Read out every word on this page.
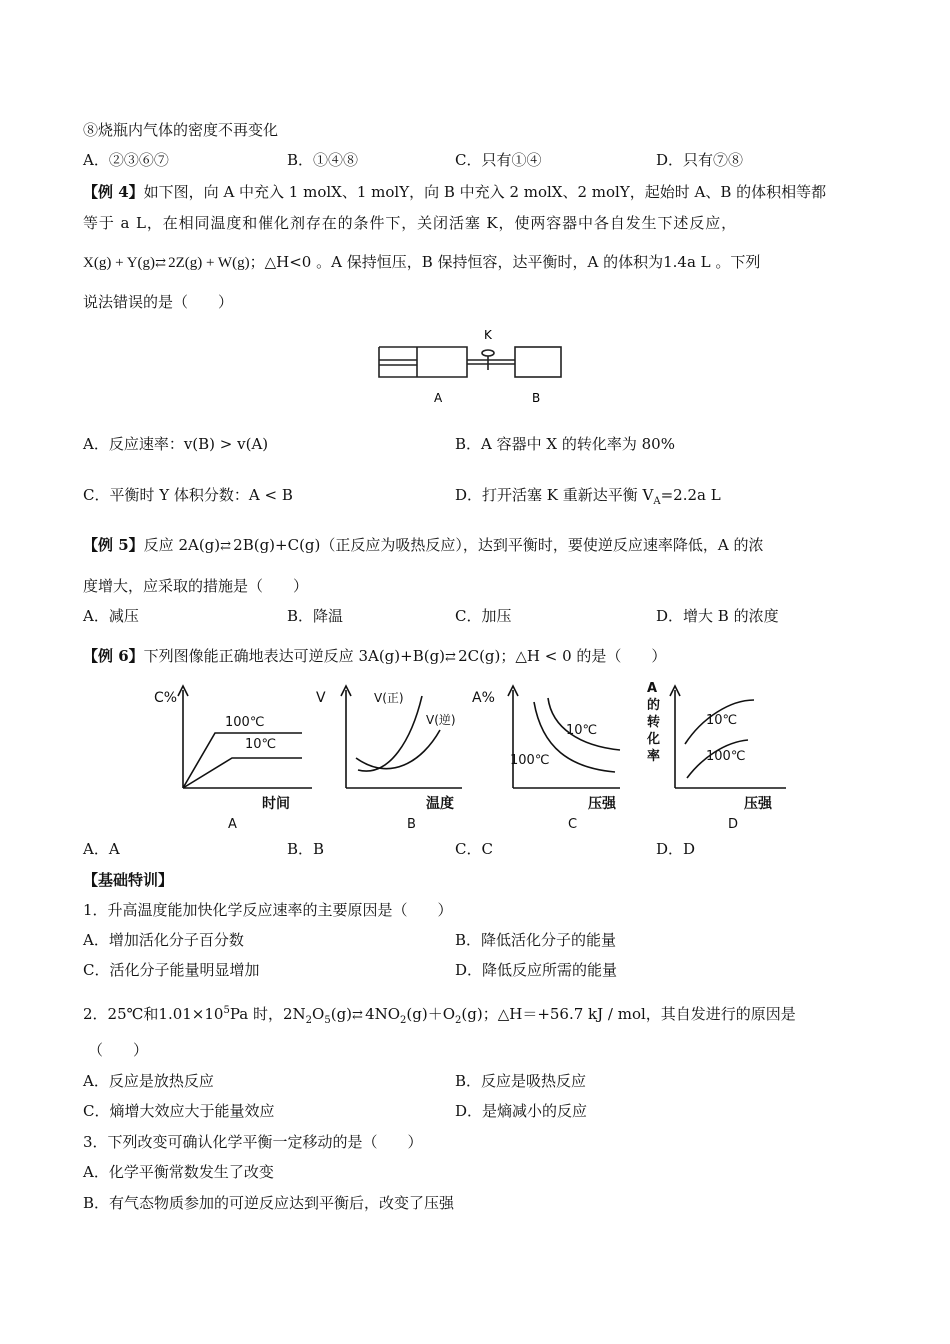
⑧烧瓶内气体的密度不再变化
A．②③⑥⑦	B．①④⑧	C．只有①④	D．只有⑦⑧
【例 4】如下图，向 A 中充入 1 molX、1 molY，向 B 中充入 2 molX、2 molY，起始时 A、B 的体积相等都
等于 a L，在相同温度和催化剂存在的条件下，关闭活塞 K，使两容器中各自发生下述反应，
X(g) + Y(g)⇄ 2Z(g) + W(g)；△H<0 。A 保持恒压，B 保持恒容，达平衡时，A 的体积为1.4a L 。下列
说法错误的是（　　）
K
A	B
A．反应速率：v(B) > v(A)	B．A 容器中 X 的转化率为 80%
C．平衡时 Y 体积分数：A < B	D．打开活塞 K 重新达平衡 $V_A=2.2a$ L
【例 5】反应 2A(g)⇄ 2B(g)+C(g)（正反应为吸热反应），达到平衡时，要使逆反应速率降低，A 的浓
度增大，应采取的措施是（　　）
A．减压	B．降温	C．加压	D．增大 B 的浓度
【例 6】下列图像能正确地表达可逆反应 3A(g)+B(g)⇄ 2C(g)；△H < 0 的是（　　）
C%
100℃
10℃
时间
A
V	V(正)
V(逆)
温度
B
A%
10℃
100℃
压强
C
A
的
转
化
率
10℃
100℃
压强
D
A．A	B．B	C．C	D．D
【基础特训】
1．升高温度能加快化学反应速率的主要原因是（　　）
A．增加活化分子百分数	B．降低活化分子的能量
C．活化分子能量明显增加	D．降低反应所需的能量
2．25℃和$1.01\times 10^5Pa$ 时，$2N_2O_5(g)⇄$ $4NO_2(g)+O_2(g)$；△H＝+56.7 kJ / mol，其自发进行的原因是
（　　）
A．反应是放热反应	B．反应是吸热反应
C．熵增大效应大于能量效应	D．是熵减小的反应
3．下列改变可确认化学平衡一定移动的是（　　）
A．化学平衡常数发生了改变
B．有气态物质参加的可逆反应达到平衡后，改变了压强
